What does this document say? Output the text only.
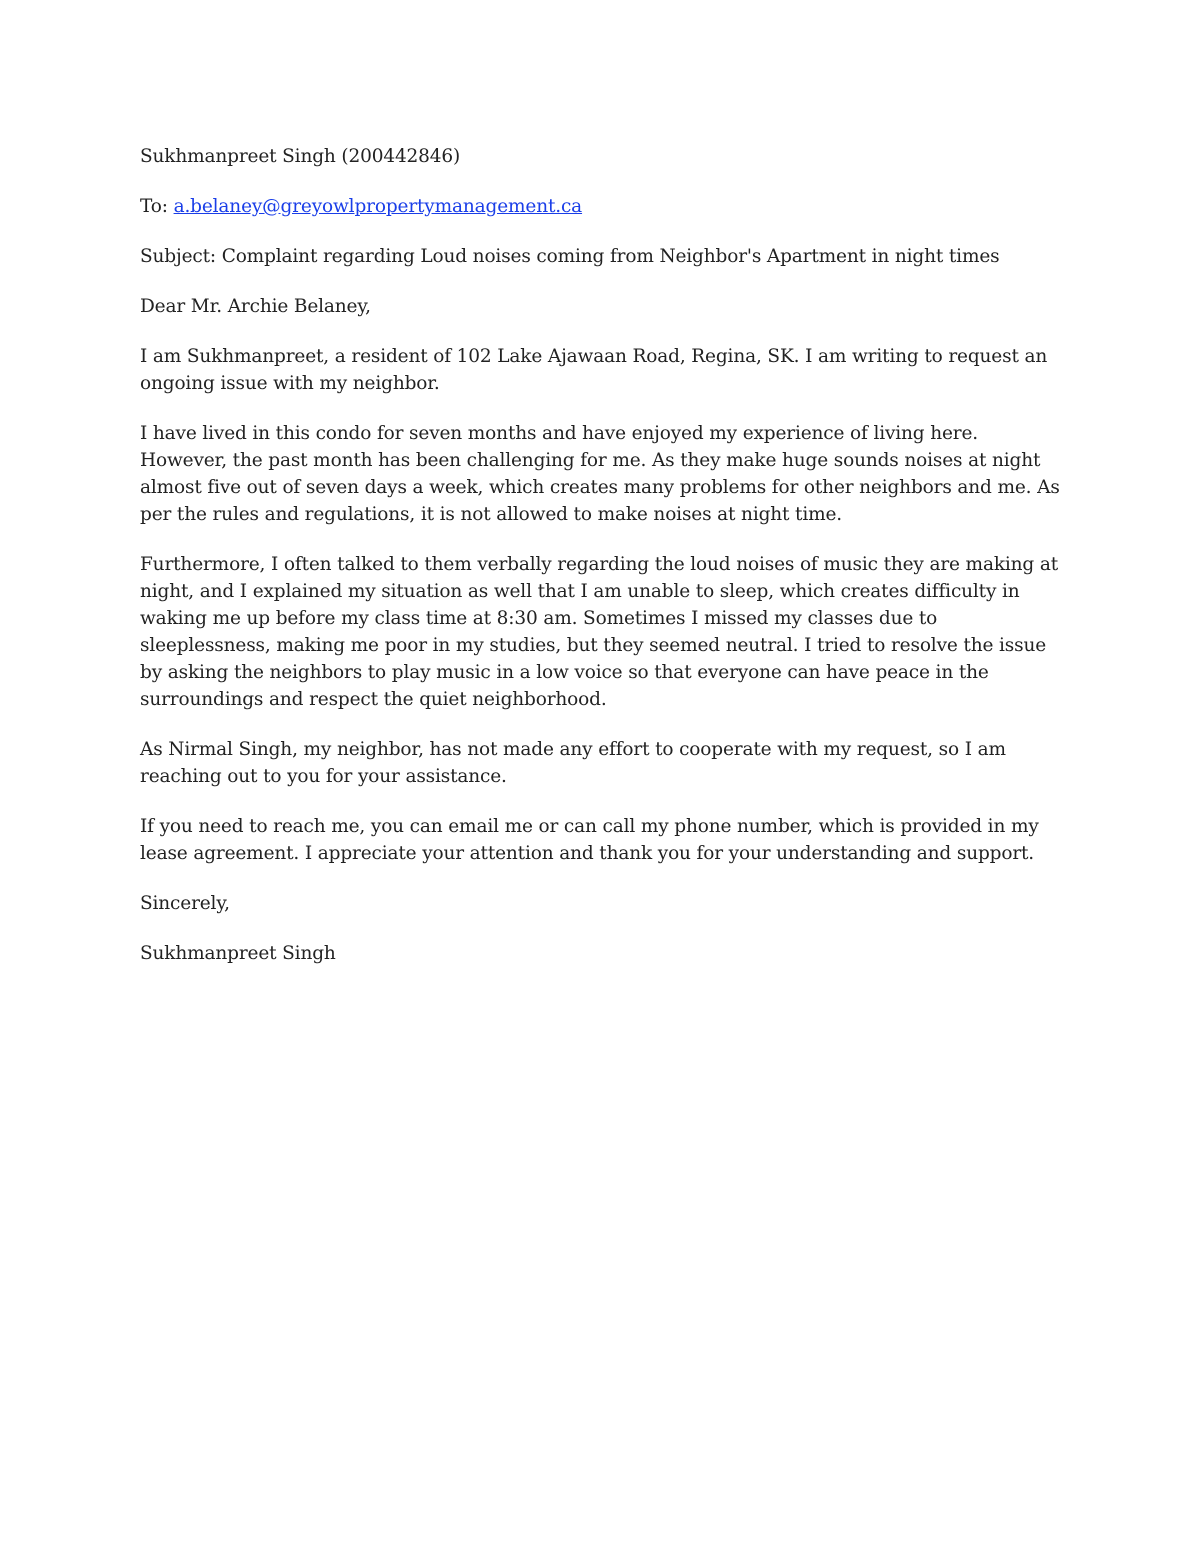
Sukhmanpreet Singh (200442846)

To: a.belaney@greyowlpropertymanagement.ca

Subject: Complaint regarding Loud noises coming from Neighbor's Apartment in night times

Dear Mr. Archie Belaney,

I am Sukhmanpreet, a resident of 102 Lake Ajawaan Road, Regina, SK. I am writing to request an ongoing issue with my neighbor.

I have lived in this condo for seven months and have enjoyed my experience of living here. However, the past month has been challenging for me. As they make huge sounds noises at night almost five out of seven days a week, which creates many problems for other neighbors and me. As per the rules and regulations, it is not allowed to make noises at night time.

Furthermore, I often talked to them verbally regarding the loud noises of music they are making at night, and I explained my situation as well that I am unable to sleep, which creates difficulty in waking me up before my class time at 8:30 am. Sometimes I missed my classes due to sleeplessness, making me poor in my studies, but they seemed neutral. I tried to resolve the issue by asking the neighbors to play music in a low voice so that everyone can have peace in the surroundings and respect the quiet neighborhood.

As Nirmal Singh, my neighbor, has not made any effort to cooperate with my request, so I am reaching out to you for your assistance.

If you need to reach me, you can email me or can call my phone number, which is provided in my lease agreement. I appreciate your attention and thank you for your understanding and support.

Sincerely,

Sukhmanpreet Singh
